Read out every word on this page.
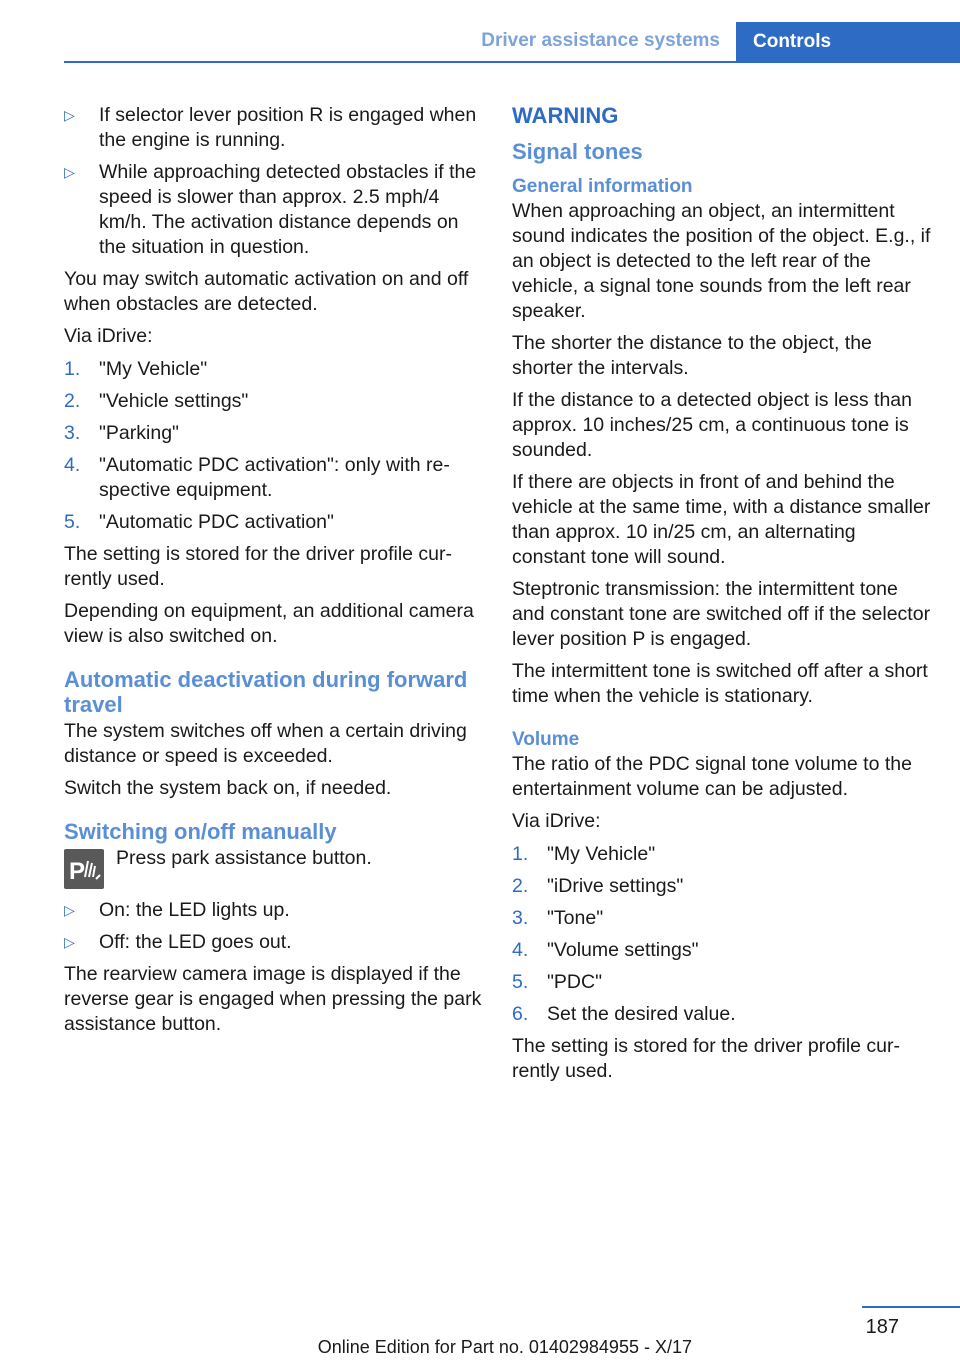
Driver assistance systems Controls
▷ If selector lever position R is engaged when the engine is running.
▷ While approaching detected obstacles if the speed is slower than approx. 2.5 mph/4 km/h. The activation distance depends on the situation in question.

You may switch automatic activation on and off when obstacles are detected.

Via iDrive:

1. "My Vehicle"
2. "Vehicle settings"
3. "Parking"
4. "Automatic PDC activation": only with respective equipment.
5. "Automatic PDC activation"

The setting is stored for the driver profile currently used.

Depending on equipment, an additional camera view is also switched on.

Automatic deactivation during forward travel

The system switches off when a certain driving distance or speed is exceeded.

Switch the system back on, if needed.

Switching on/off manually
P Press park assistance button.
▷ On: the LED lights up.
▷ Off: the LED goes out.

The rearview camera image is displayed if the reverse gear is engaged when pressing the park assistance button.

WARNING
Signal tones
General information

When approaching an object, an intermittent sound indicates the position of the object. E.g., if an object is detected to the left rear of the vehicle, a signal tone sounds from the left rear speaker.

The shorter the distance to the object, the shorter the intervals.

If the distance to a detected object is less than approx. 10 inches/25 cm, a continuous tone is sounded.

If there are objects in front of and behind the vehicle at the same time, with a distance smaller than approx. 10 in/25 cm, an alternating constant tone will sound.

Steptronic transmission: the intermittent tone and constant tone are switched off if the selector lever position P is engaged.

The intermittent tone is switched off after a short time when the vehicle is stationary.

Volume

The ratio of the PDC signal tone volume to the entertainment volume can be adjusted.

Via iDrive:

1. "My Vehicle"
2. "iDrive settings"
3. "Tone"
4. "Volume settings"
5. "PDC"
6. Set the desired value.

The setting is stored for the driver profile currently used.

187
Online Edition for Part no. 01402984955 - X/17
